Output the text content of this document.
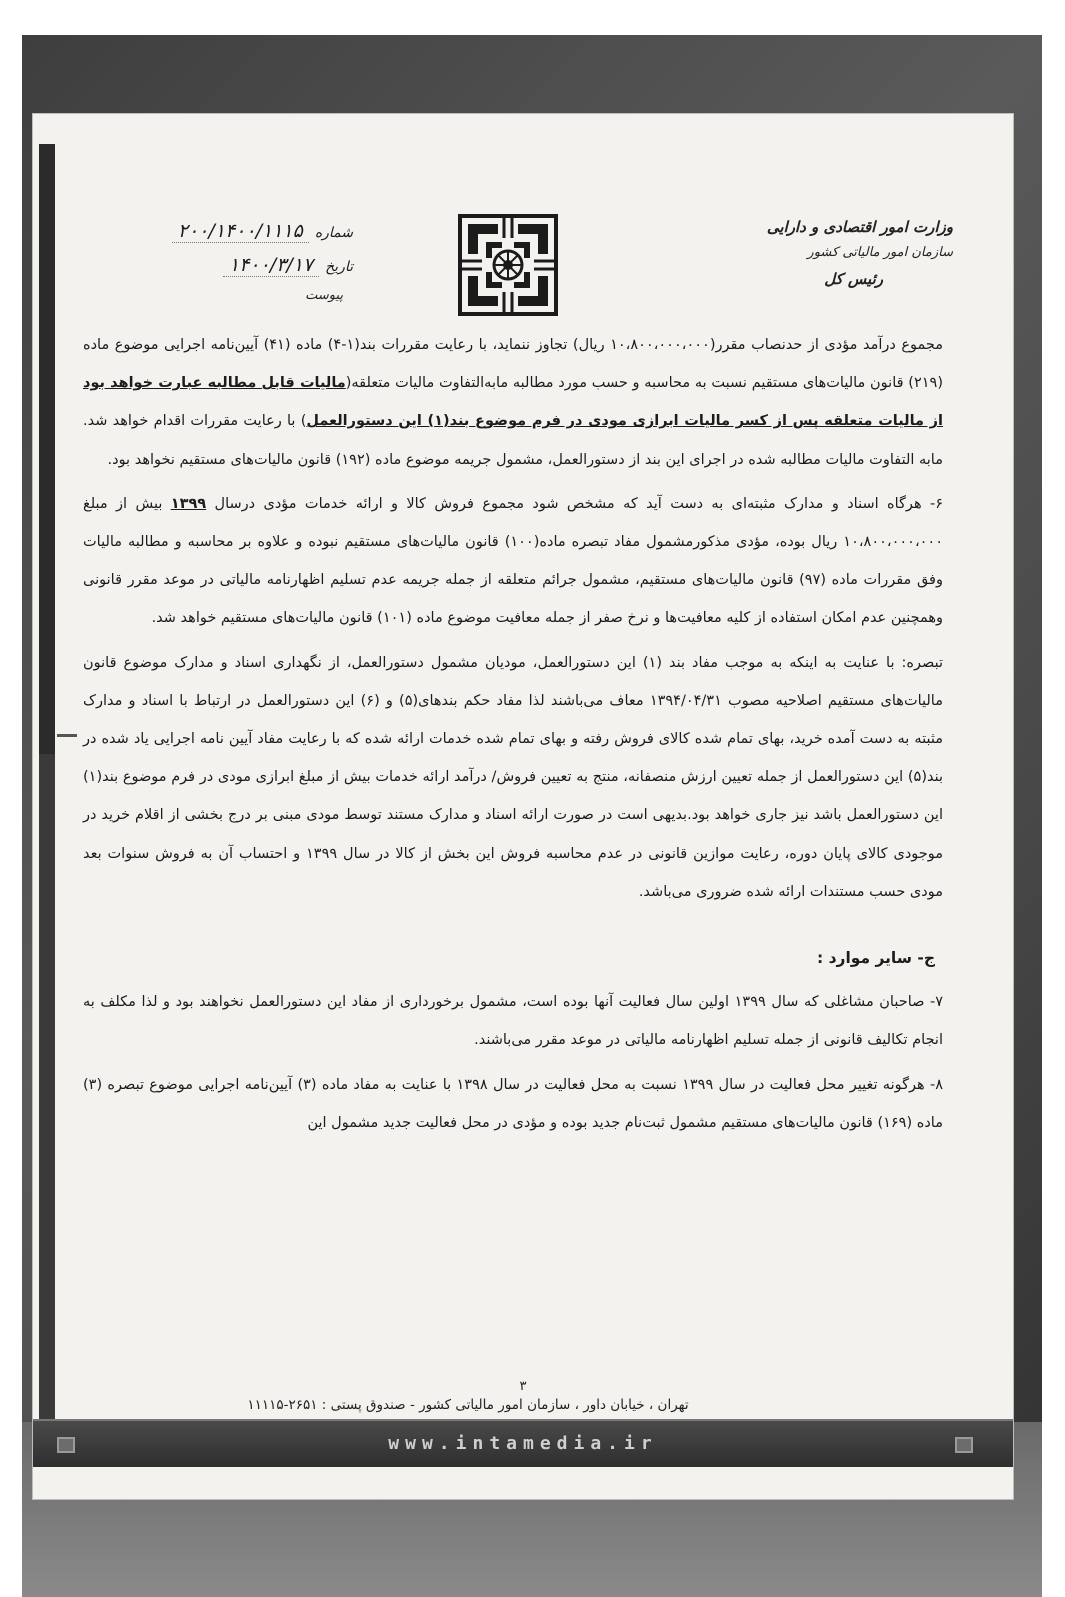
وزارت امور اقتصادی و دارایی
سازمان امور مالیاتی کشور
رئیس کل
شماره
۲۰۰/۱۴۰۰/۱۱۱۵
تاریخ
۱۴۰۰/۳/۱۷
پیوست

مجموع درآمد مؤدی از حدنصاب مقرر(۱۰،۸۰۰،۰۰۰،۰۰۰ ریال) تجاوز ننماید، با رعایت مقررات بند(۱-۴) ماده (۴۱) آیین‌نامه اجرایی موضوع ماده (۲۱۹) قانون مالیات‌های مستقیم نسبت به محاسبه و حسب مورد مطالبه مابه‌التفاوت مالیات متعلقه(مالیات قابل مطالبه عبارت خواهد بود از مالیات متعلقه پس از کسر مالیات ابرازی مودی در فرم موضوع بند(۱) این دستورالعمل) با رعایت مقررات اقدام خواهد شد. مابه التفاوت مالیات مطالبه شده در اجرای این بند از دستورالعمل، مشمول جریمه موضوع ماده (۱۹۲) قانون مالیات‌های مستقیم نخواهد بود.

۶- هرگاه اسناد و مدارک مثبته‌ای به دست آید که مشخص شود مجموع فروش کالا و ارائه خدمات مؤدی درسال ۱۳۹۹ بیش از مبلغ ۱۰،۸۰۰،۰۰۰،۰۰۰ ریال بوده، مؤدی مذکورمشمول مفاد تبصره ماده(۱۰۰) قانون مالیات‌های مستقیم نبوده و علاوه بر محاسبه و مطالبه مالیات وفق مقررات ماده (۹۷) قانون مالیات‌های مستقیم، مشمول جرائم متعلقه از جمله جریمه عدم تسلیم اظهارنامه مالیاتی در موعد مقرر قانونی وهمچنین عدم امکان استفاده از کلیه معافیت‌ها و نرخ صفر از جمله معافیت موضوع ماده (۱۰۱) قانون مالیات‌های مستقیم خواهد شد.

تبصره: با عنایت به اینکه به موجب مفاد بند (۱) این دستورالعمل، مودیان مشمول دستورالعمل، از نگهداری اسناد و مدارک موضوع قانون مالیات‌های مستقیم اصلاحیه مصوب ۱۳۹۴/۰۴/۳۱ معاف می‌باشند لذا مفاد حکم بندهای(۵) و (۶) این دستورالعمل در ارتباط با اسناد و مدارک مثبته به دست آمده خرید، بهای تمام شده کالای فروش رفته و بهای تمام شده خدمات ارائه شده که با رعایت مفاد آیین نامه اجرایی یاد شده در بند(۵) این دستورالعمل از جمله تعیین ارزش منصفانه، منتج به تعیین فروش/ درآمد ارائه خدمات بیش از مبلغ ابرازی مودی در فرم موضوع بند(۱) این دستورالعمل باشد نیز جاری خواهد بود.بدیهی است در صورت ارائه اسناد و مدارک مستند توسط مودی مبنی بر درج بخشی از اقلام خرید در موجودی کالای پایان دوره، رعایت موازین قانونی در عدم محاسبه فروش این بخش از کالا در سال ۱۳۹۹ و احتساب آن به فروش سنوات بعد مودی حسب مستندات ارائه شده ضروری می‌باشد.

ج- سایر موارد :

۷- صاحبان مشاغلی که سال ۱۳۹۹ اولین سال فعالیت آنها بوده است، مشمول برخورداری از مفاد این دستورالعمل نخواهند بود و لذا مکلف به انجام تکالیف قانونی از جمله تسلیم اظهارنامه مالیاتی در موعد مقرر می‌باشند.

۸- هرگونه تغییر محل فعالیت در سال ۱۳۹۹ نسبت به محل فعالیت در سال ۱۳۹۸ با عنایت به مفاد ماده (۳) آیین‌نامه اجرایی موضوع تبصره (۳) ماده (۱۶۹) قانون مالیات‌های مستقیم مشمول ثبت‌نام جدید بوده و مؤدی در محل فعالیت جدید مشمول این

۳
تهران ، خیابان داور ، سازمان امور مالیاتی کشور - صندوق پستی : ۲۶۵۱-۱۱۱۱۵
www.intamedia.ir
